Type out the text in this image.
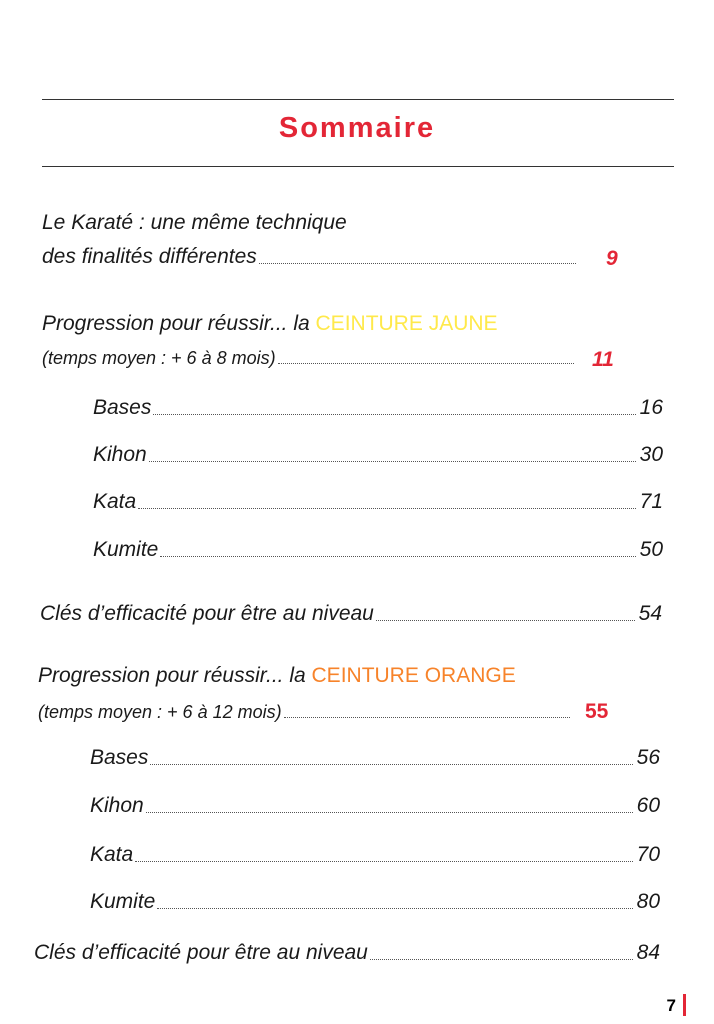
Sommaire
Le Karaté : une même technique
des finalités différentes	9
Progression pour réussir... la CEINTURE JAUNE
(temps moyen : + 6 à 8 mois)	11
Bases	16
Kihon	30
Kata	71
Kumite	50
Clés d’efficacité pour être au niveau	54
Progression pour réussir... la CEINTURE ORANGE
(temps moyen : + 6 à 12 mois)	55
Bases	56
Kihon	60
Kata	70
Kumite	80
Clés d’efficacité pour être au niveau	84
7
